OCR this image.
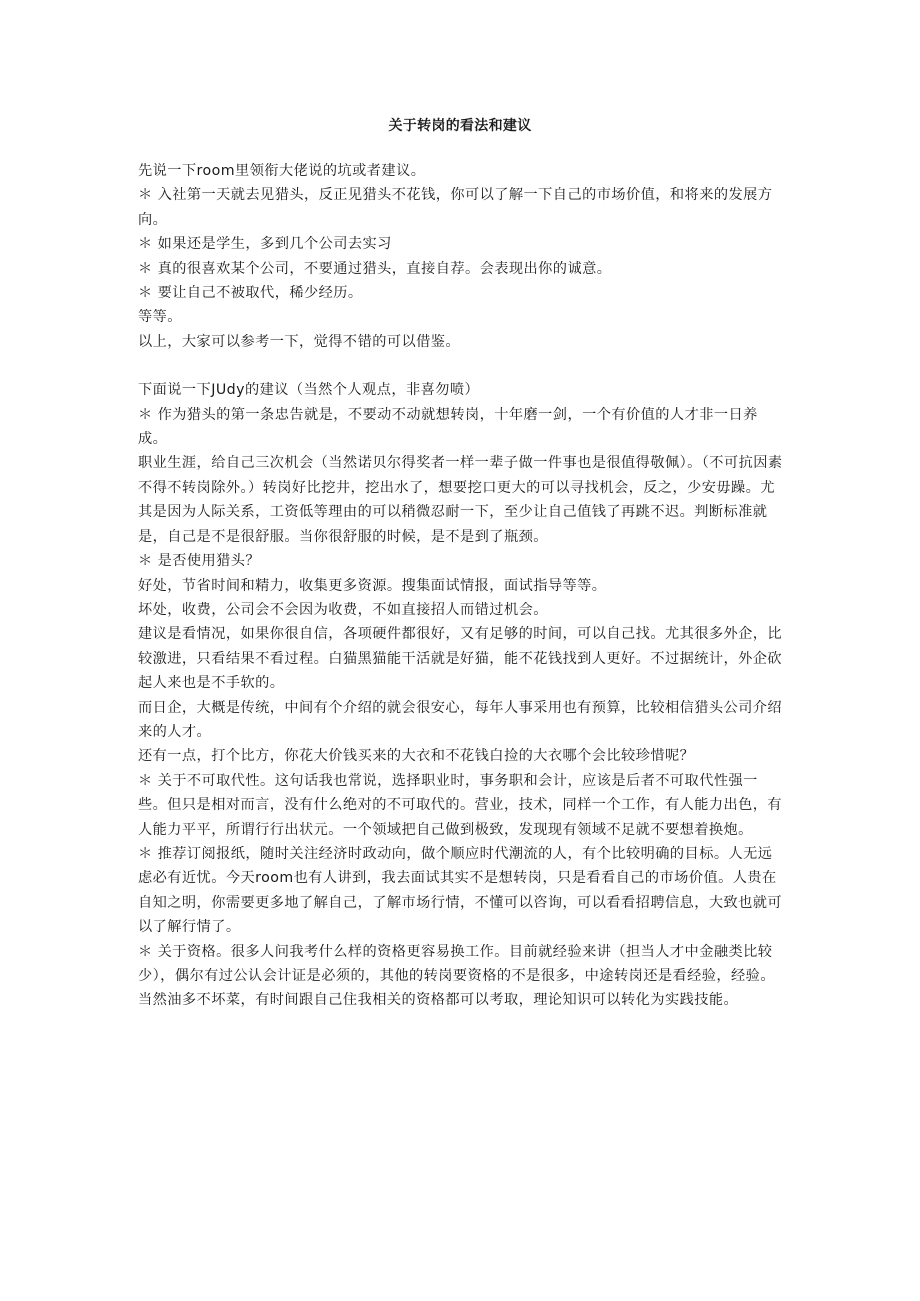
关于转岗的看法和建议

先说一下room里领衔大佬说的坑或者建议。

＊ 入社第一天就去见猎头，反正见猎头不花钱，你可以了解一下自己的市场价值，和将来的发展方向。

＊ 如果还是学生，多到几个公司去实习

＊ 真的很喜欢某个公司，不要通过猎头，直接自荐。会表现出你的诚意。

＊ 要让自己不被取代，稀少经历。

等等。

以上，大家可以参考一下，觉得不错的可以借鉴。

下面说一下JUdy的建议（当然个人观点，非喜勿喷）

＊ 作为猎头的第一条忠告就是，不要动不动就想转岗，十年磨一剑，一个有价值的人才非一日养成。

职业生涯，给自己三次机会（当然诺贝尔得奖者一样一辈子做一件事也是很值得敬佩）。（不可抗因素不得不转岗除外。）转岗好比挖井，挖出水了，想要挖口更大的可以寻找机会，反之，少安毋躁。尤其是因为人际关系，工资低等理由的可以稍微忍耐一下，至少让自己值钱了再跳不迟。判断标准就是，自己是不是很舒服。当你很舒服的时候，是不是到了瓶颈。

＊ 是否使用猎头？

好处，节省时间和精力，收集更多资源。搜集面试情报，面试指导等等。

坏处，收费，公司会不会因为收费，不如直接招人而错过机会。

建议是看情况，如果你很自信，各项硬件都很好，又有足够的时间，可以自己找。尤其很多外企，比较激进，只看结果不看过程。白猫黑猫能干活就是好猫，能不花钱找到人更好。不过据统计，外企砍起人来也是不手软的。

而日企，大概是传统，中间有个介绍的就会很安心，每年人事采用也有预算，比较相信猎头公司介绍来的人才。

还有一点，打个比方，你花大价钱买来的大衣和不花钱白捡的大衣哪个会比较珍惜呢？

＊ 关于不可取代性。这句话我也常说，选择职业时，事务职和会计，应该是后者不可取代性强一些。但只是相对而言，没有什么绝对的不可取代的。营业，技术，同样一个工作，有人能力出色，有人能力平平，所谓行行出状元。一个领域把自己做到极致，发现现有领域不足就不要想着换炮。

＊ 推荐订阅报纸，随时关注经济时政动向，做个顺应时代潮流的人，有个比较明确的目标。人无远虑必有近忧。今天room也有人讲到，我去面试其实不是想转岗，只是看看自己的市场价值。人贵在自知之明，你需要更多地了解自己，了解市场行情，不懂可以咨询，可以看看招聘信息，大致也就可以了解行情了。

＊ 关于资格。很多人问我考什么样的资格更容易换工作。目前就经验来讲（担当人才中金融类比较少），偶尔有过公认会计证是必须的，其他的转岗要资格的不是很多，中途转岗还是看经验，经验。当然油多不坏菜，有时间跟自己住我相关的资格都可以考取，理论知识可以转化为实践技能。
